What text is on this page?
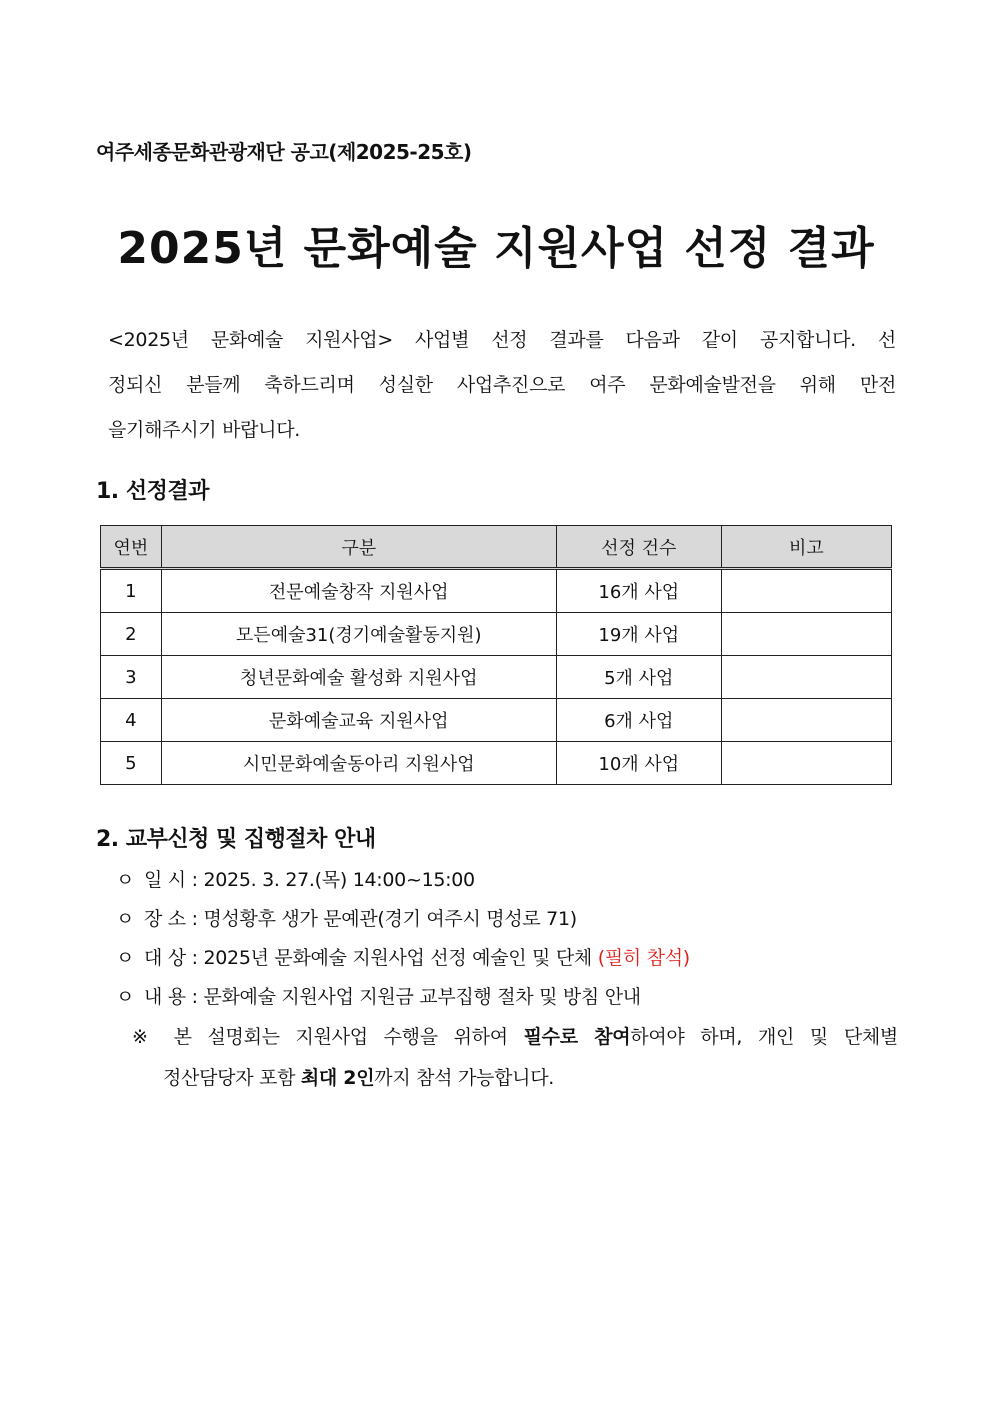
여주세종문화관광재단 공고(제2025-25호)
2025년 문화예술 지원사업 선정 결과
<2025년 문화예술 지원사업> 사업별 선정 결과를 다음과 같이 공지합니다. 선
정되신 분들께 축하드리며 성실한 사업추진으로 여주 문화예술발전을 위해 만전
을기해주시기 바랍니다.
1. 선정결과
연번	구분	선정 건수	비고
1	전문예술창작 지원사업	16개 사업	
2	모든예술31(경기예술활동지원)	19개 사업	
3	청년문화예술 활성화 지원사업	5개 사업	
4	문화예술교육 지원사업	6개 사업	
5	시민문화예술동아리 지원사업	10개 사업	
2. 교부신청 및 집행절차 안내
ㅇ 일 시 : 2025. 3. 27.(목) 14:00~15:00
ㅇ 장 소 : 명성황후 생가 문예관(경기 여주시 명성로 71)
ㅇ 대 상 : 2025년 문화예술 지원사업 선정 예술인 및 단체 (필히 참석)
ㅇ 내 용 : 문화예술 지원사업 지원금 교부집행 절차 및 방침 안내
※ 본 설명회는 지원사업 수행을 위하여 필수로 참여하여야 하며, 개인 및 단체별
정산담당자 포함 최대 2인까지 참석 가능합니다.
